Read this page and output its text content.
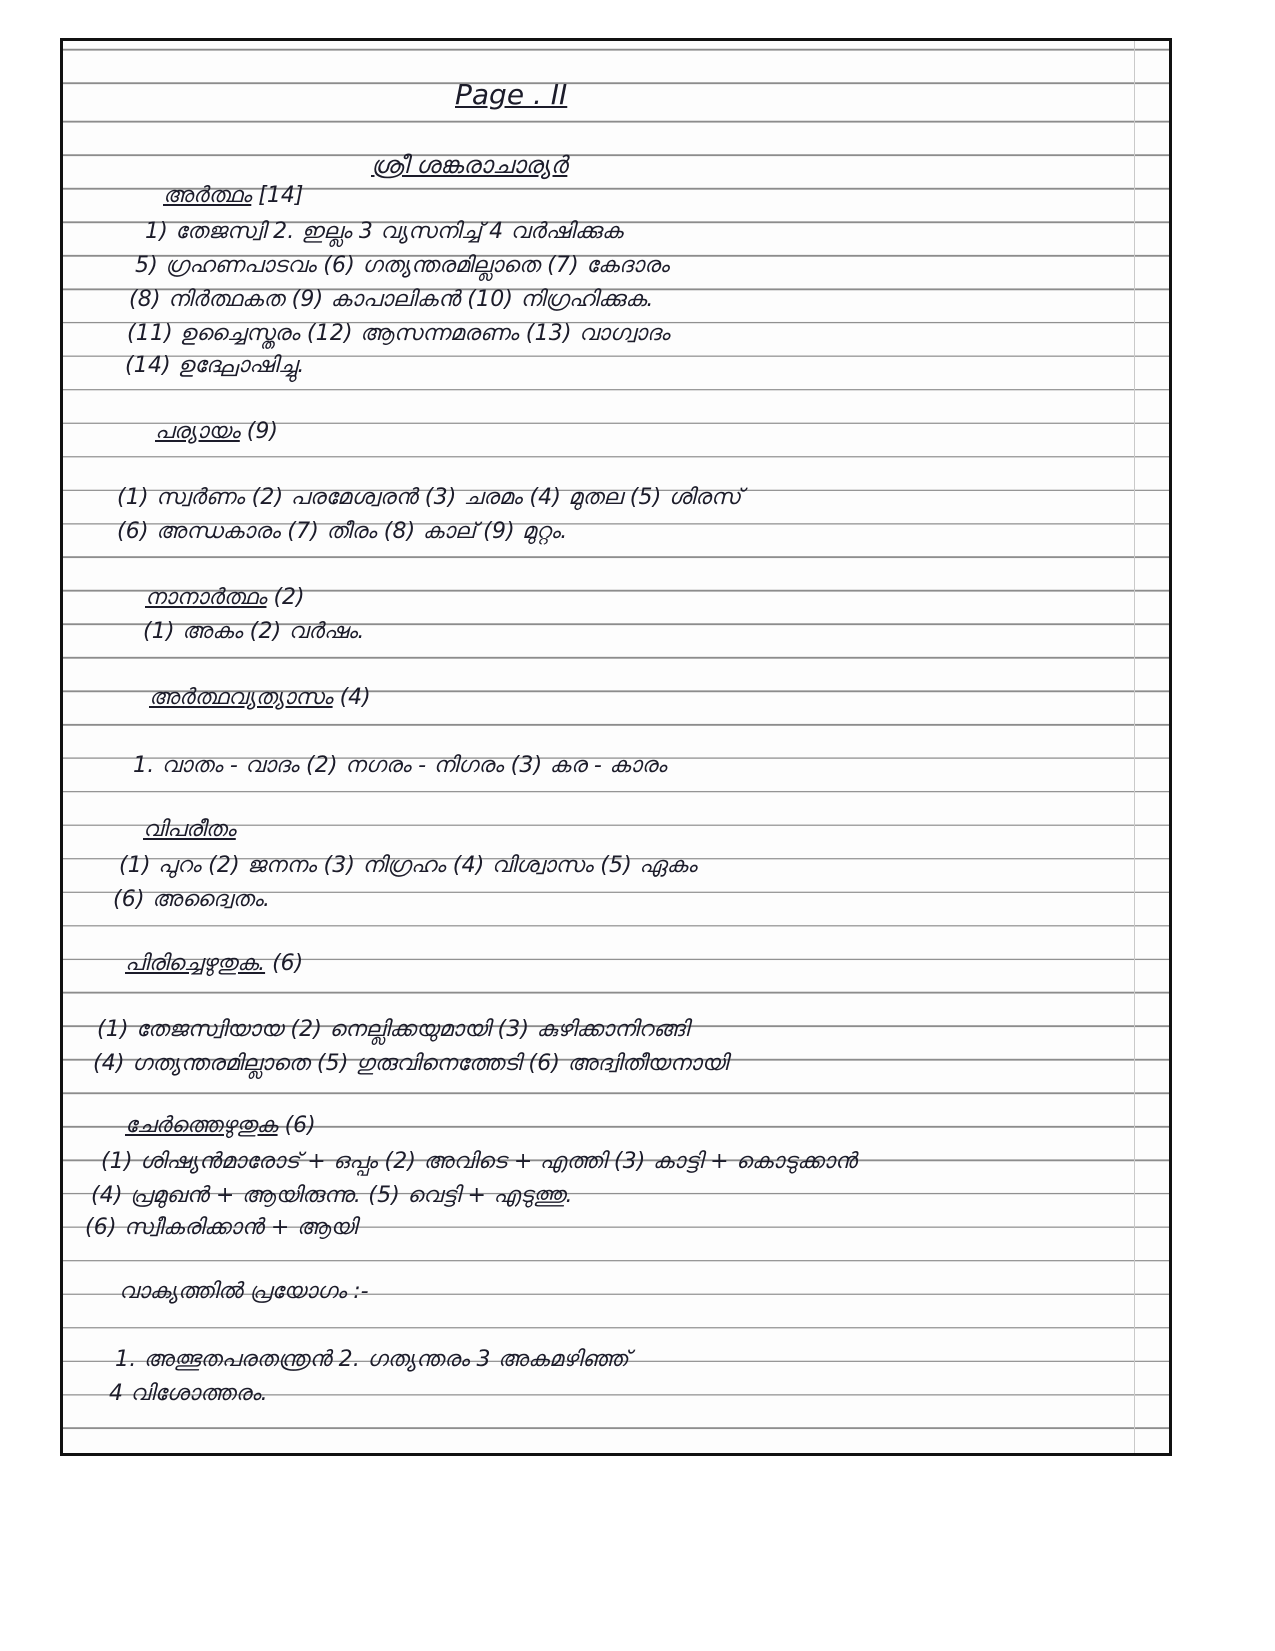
Page . II
ശ്രീ ശങ്കരാചാര്യർ
അർത്ഥം [14]
1) തേജസ്വി 2. ഇല്ലം 3 വ്യസനിച്ച് 4 വർഷിക്കുക
5) ഗ്രഹണപാടവം (6) ഗത്യന്തരമില്ലാതെ (7) കേദാരം
(8) നിർത്ഥകത (9) കാപാലികൻ (10) നിഗ്രഹിക്കുക.
(11) ഉച്ചൈസ്തരം (12) ആസന്നമരണം (13) വാഗ്വാദം
(14) ഉദ്ഘോഷിച്ചു.
പര്യായം (9)
(1) സ്വർണം (2) പരമേശ്വരൻ (3) ചരമം (4) മുതല (5) ശിരസ്
(6) അന്ധകാരം (7) തീരം (8) കാല് (9) മുറ്റം.
നാനാർത്ഥം (2)
(1) അകം (2) വർഷം.
അർത്ഥവ്യത്യാസം (4)
1. വാതം - വാദം (2) നഗരം - നിഗരം (3) കര - കാരം
വിപരീതം
(1) പുറം (2) ജനനം (3) നിഗ്രഹം (4) വിശ്വാസം (5) ഏകം
(6) അദ്വൈതം.
പിരിച്ചെഴുതുക. (6)
(1) തേജസ്വിയായ (2) നെല്ലിക്കയുമായി (3) കുഴിക്കാനിറങ്ങി
(4) ഗത്യന്തരമില്ലാതെ (5) ഗുരുവിനെത്തേടി (6) അദ്വിതീയനായി
ചേർത്തെഴുതുക (6)
(1) ശിഷ്യൻമാരോട് + ഒപ്പം (2) അവിടെ + എത്തി (3) കാട്ടി + കൊടുക്കാൻ
(4) പ്രമുഖൻ + ആയിരുന്നു. (5) വെട്ടി + എടുത്തു.
(6) സ്വീകരിക്കാൻ + ആയി
വാക്യത്തിൽ പ്രയോഗം :-
1. അത്ഭുതപരതന്ത്രൻ 2. ഗത്യന്തരം 3 അകമഴിഞ്ഞ്
4 വിശോത്തരം.
